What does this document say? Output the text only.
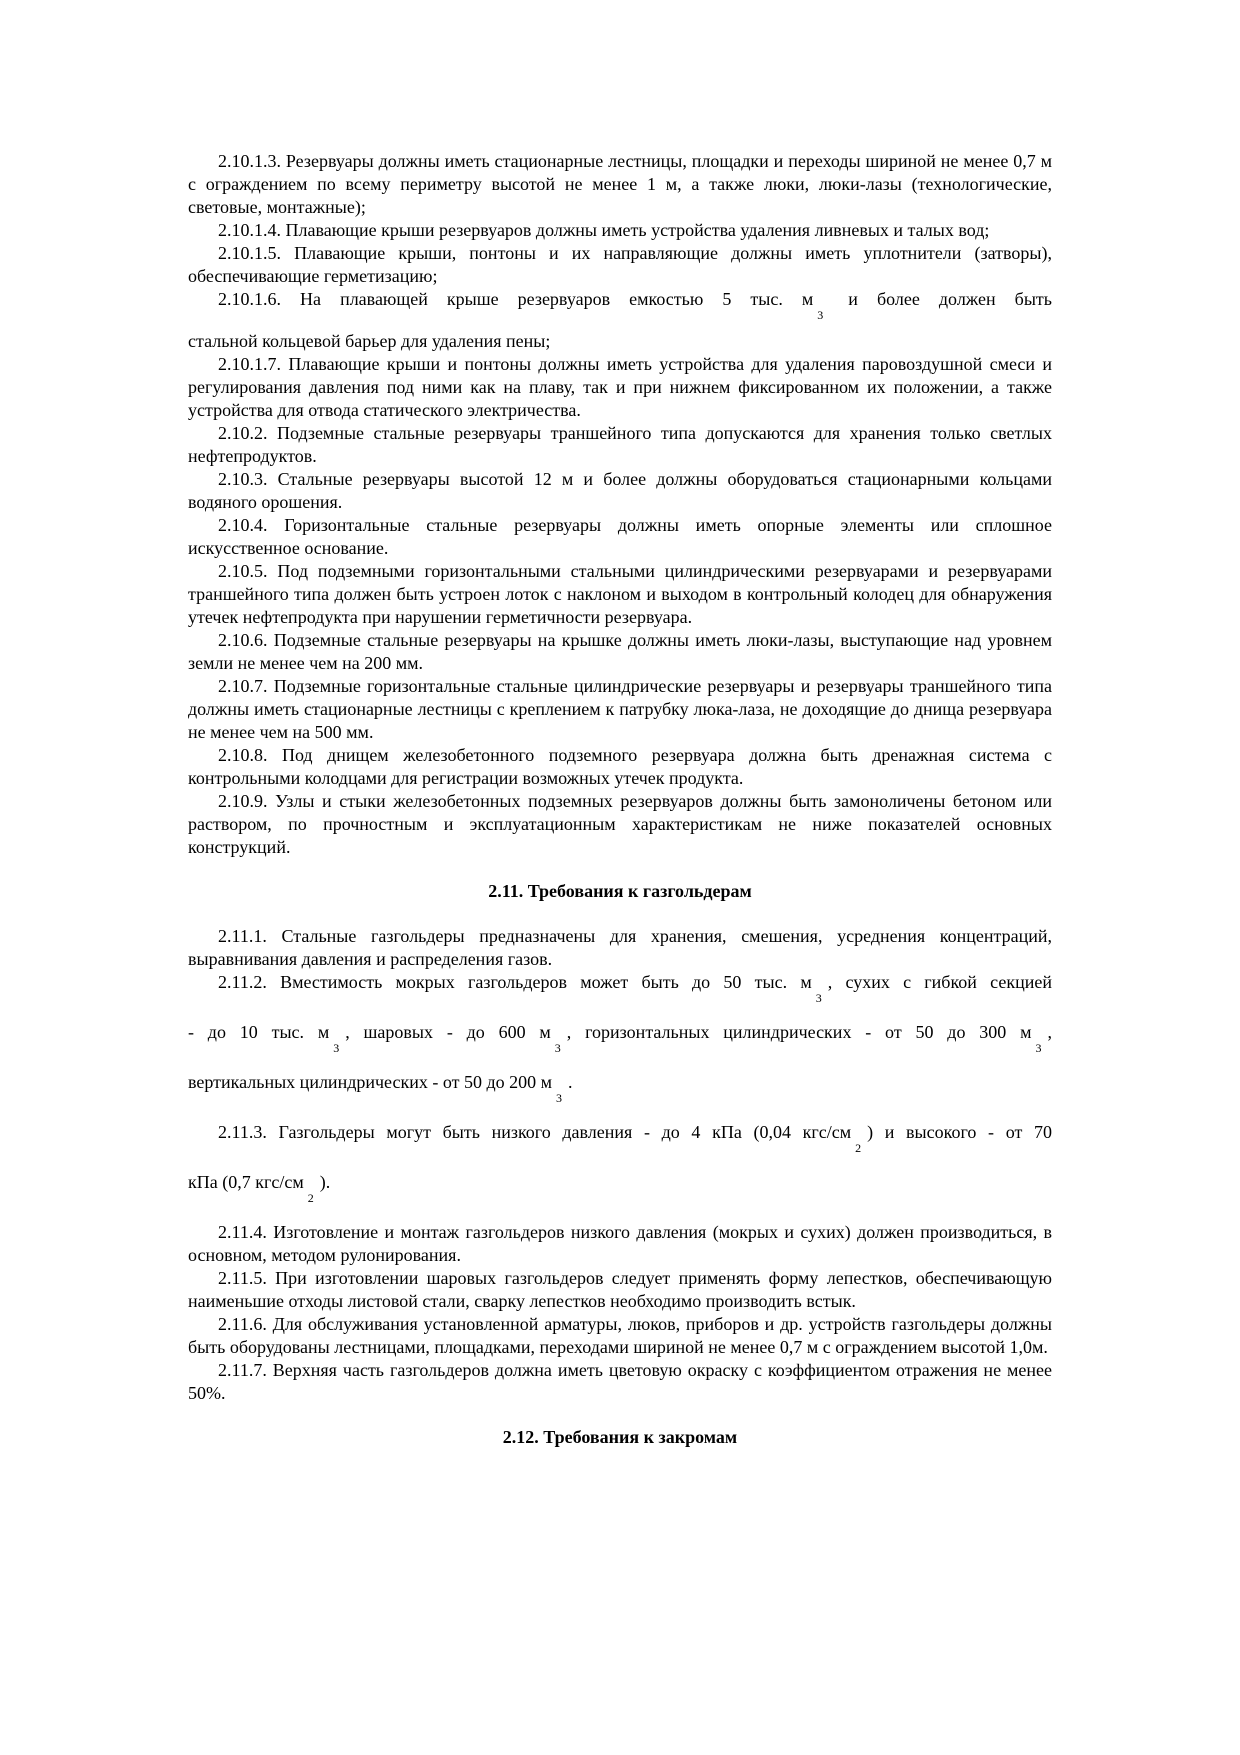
2.10.1.3. Резервуары должны иметь стационарные лестницы, площадки и переходы шириной не менее 0,7 м с ограждением по всему периметру высотой не менее 1 м, а также люки, люки-лазы (технологические, световые, монтажные);

2.10.1.4. Плавающие крыши резервуаров должны иметь устройства удаления ливневых и талых вод;

2.10.1.5. Плавающие крыши, понтоны и их направляющие должны иметь уплотнители (затворы), обеспечивающие герметизацию;

2.10.1.6. На плавающей крыше резервуаров емкостью 5 тыс. $м_3$ и более должен быть

стальной кольцевой барьер для удаления пены;

2.10.1.7. Плавающие крыши и понтоны должны иметь устройства для удаления паровоздушной смеси и регулирования давления под ними как на плаву, так и при нижнем фиксированном их положении, а также устройства для отвода статического электричества.

2.10.2. Подземные стальные резервуары траншейного типа допускаются для хранения только светлых нефтепродуктов.

2.10.3. Стальные резервуары высотой 12 м и более должны оборудоваться стационарными кольцами водяного орошения.

2.10.4. Горизонтальные стальные резервуары должны иметь опорные элементы или сплошное искусственное основание.

2.10.5. Под подземными горизонтальными стальными цилиндрическими резервуарами и резервуарами траншейного типа должен быть устроен лоток с наклоном и выходом в контрольный колодец для обнаружения утечек нефтепродукта при нарушении герметичности резервуара.

2.10.6. Подземные стальные резервуары на крышке должны иметь люки-лазы, выступающие над уровнем земли не менее чем на 200 мм.

2.10.7. Подземные горизонтальные стальные цилиндрические резервуары и резервуары траншейного типа должны иметь стационарные лестницы с креплением к патрубку люка-лаза, не доходящие до днища резервуара не менее чем на 500 мм.

2.10.8. Под днищем железобетонного подземного резервуара должна быть дренажная система с контрольными колодцами для регистрации возможных утечек продукта.

2.10.9. Узлы и стыки железобетонных подземных резервуаров должны быть замоноличены бетоном или раствором, по прочностным и эксплуатационным характеристикам не ниже показателей основных конструкций.

2.11. Требования к газгольдерам

2.11.1. Стальные газгольдеры предназначены для хранения, смешения, усреднения концентраций, выравнивания давления и распределения газов.

2.11.2. Вместимость мокрых газгольдеров может быть до 50 тыс. $м_3$, сухих с гибкой секцией

- до 10 тыс. $м_3$, шаровых - до 600 $м_3$, горизонтальных цилиндрических - от 50 до 300 $м_3$,

вертикальных цилиндрических - от 50 до 200 $м_3$.

2.11.3. Газгольдеры могут быть низкого давления - до 4 кПа (0,04 кгс/$см_2$) и высокого - от 70

кПа (0,7 кгс/$см_2$).

2.11.4. Изготовление и монтаж газгольдеров низкого давления (мокрых и сухих) должен производиться, в основном, методом рулонирования.

2.11.5. При изготовлении шаровых газгольдеров следует применять форму лепестков, обеспечивающую наименьшие отходы листовой стали, сварку лепестков необходимо производить встык.

2.11.6. Для обслуживания установленной арматуры, люков, приборов и др. устройств газгольдеры должны быть оборудованы лестницами, площадками, переходами шириной не менее 0,7 м с ограждением высотой 1,0м.

2.11.7. Верхняя часть газгольдеров должна иметь цветовую окраску с коэффициентом отражения не менее 50%.

2.12. Требования к закромам
